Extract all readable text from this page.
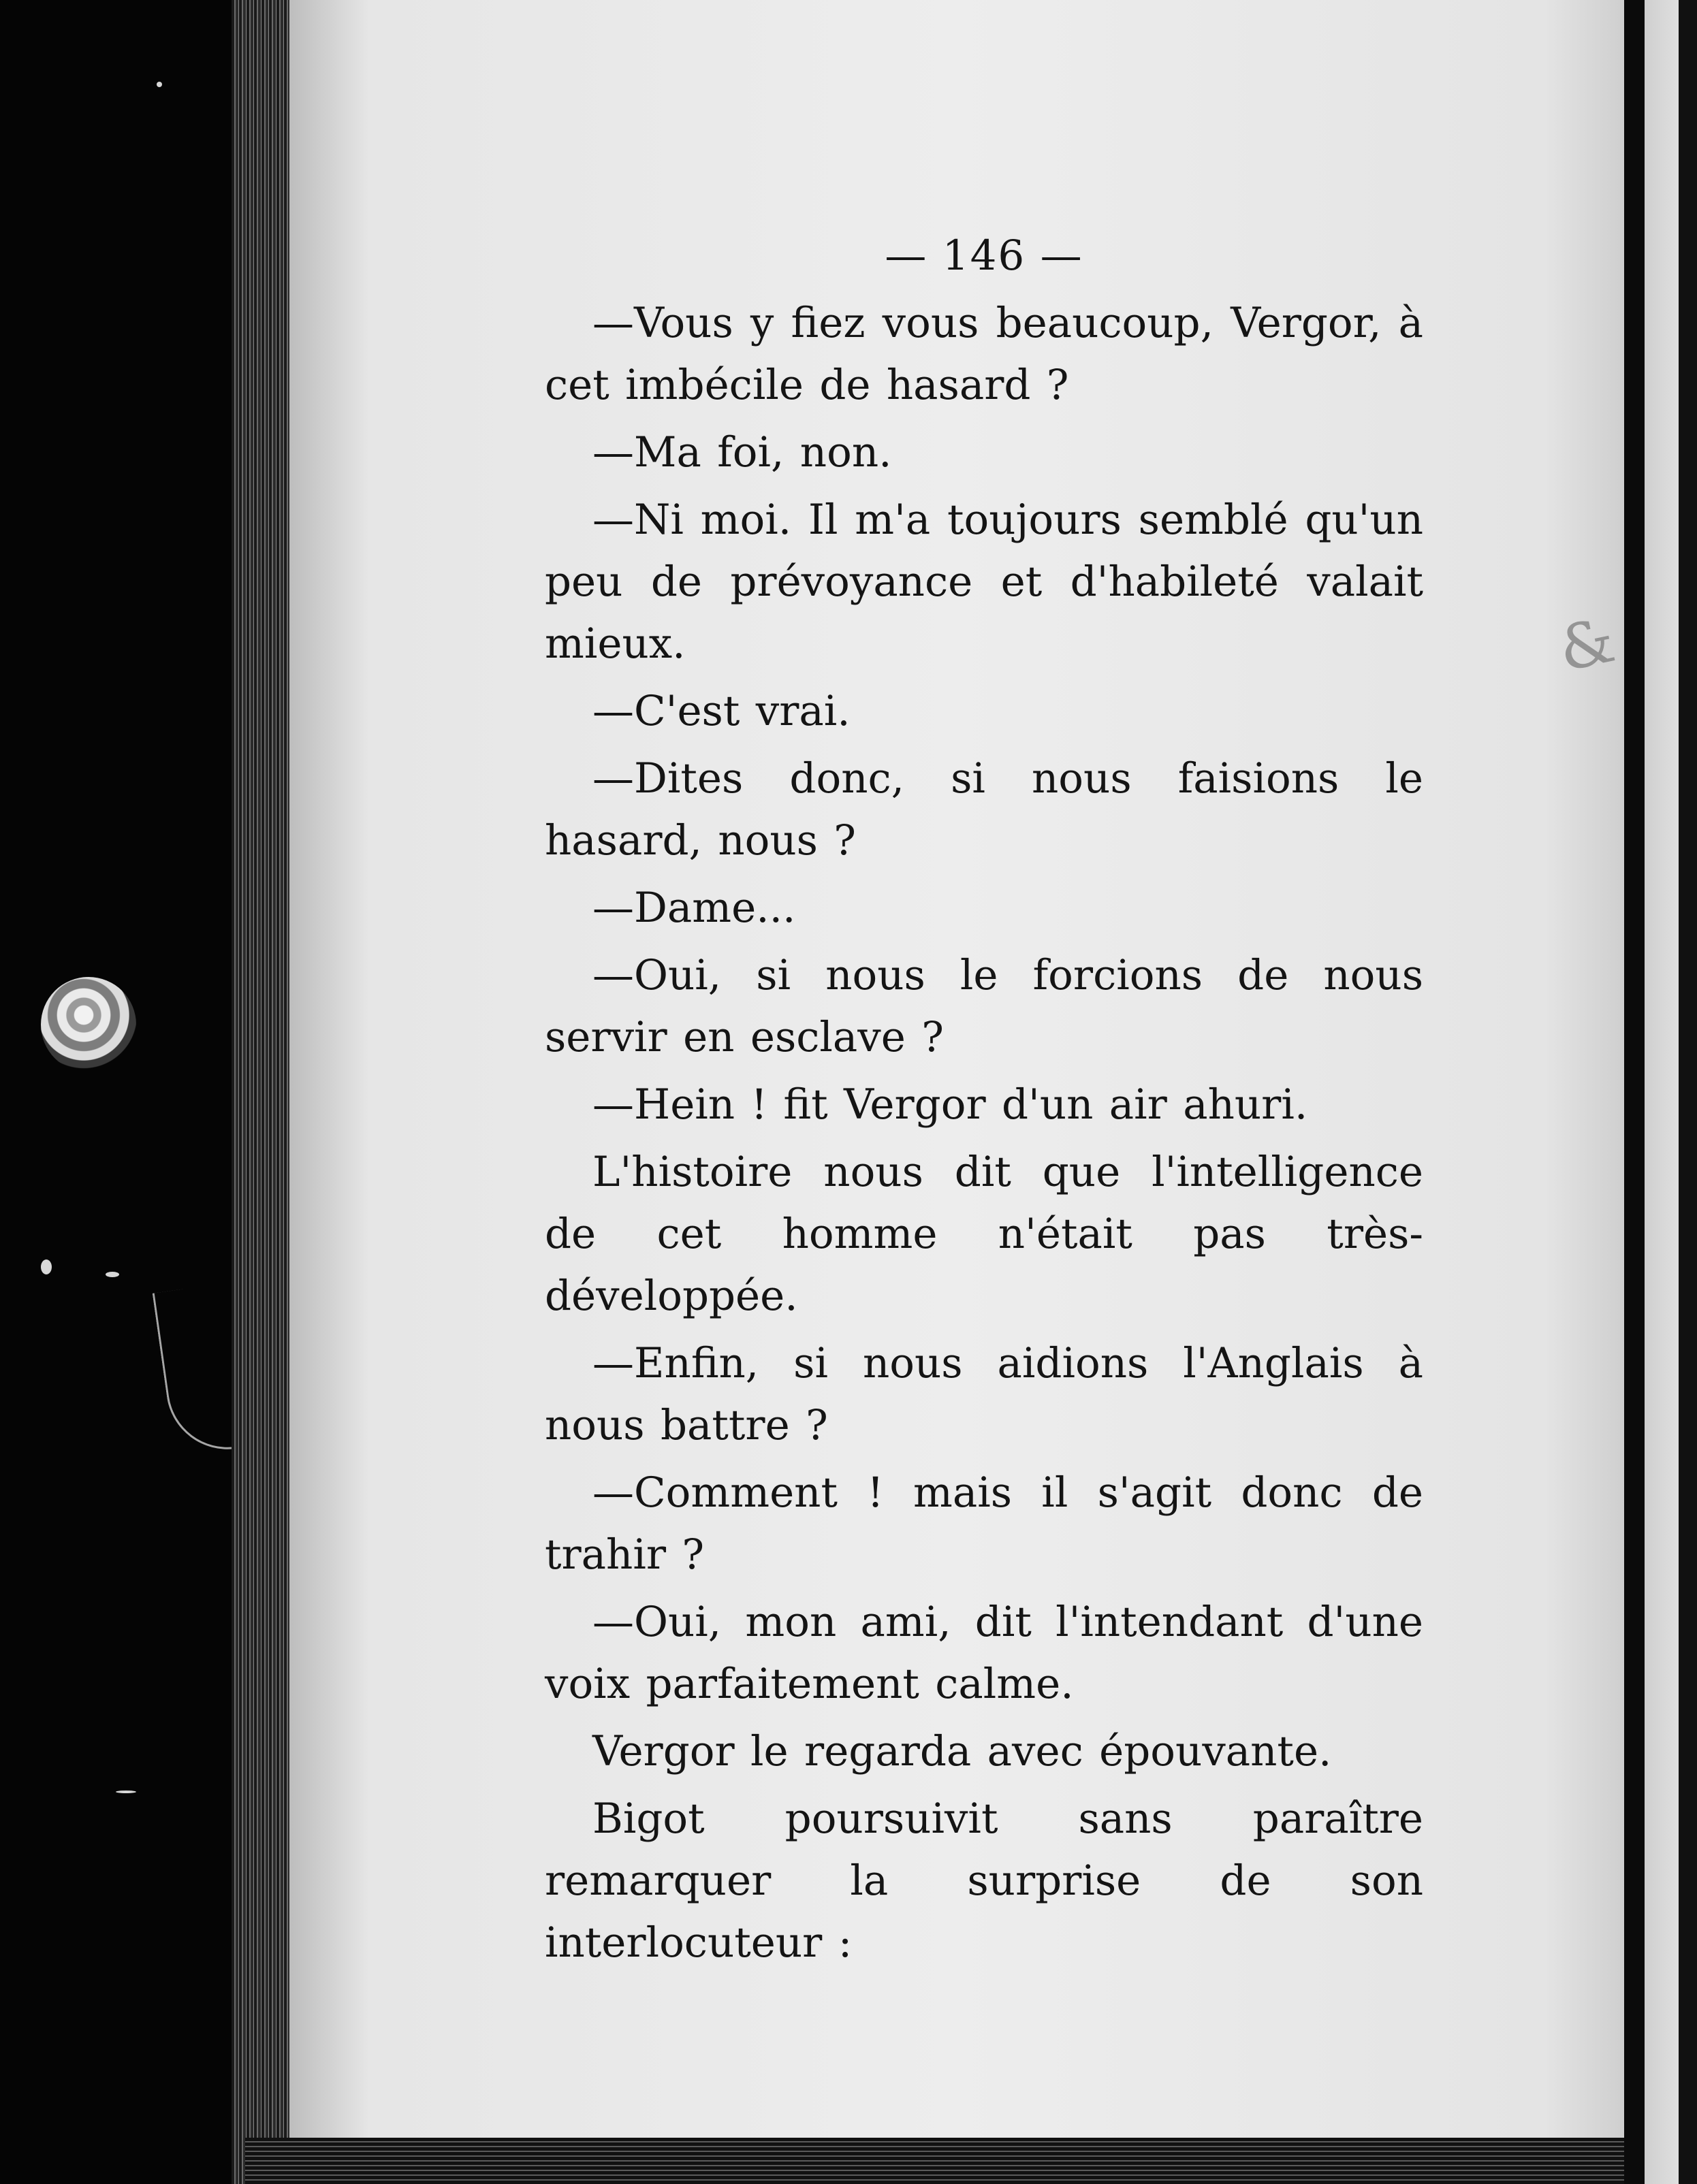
&
— 146 —

—Vous y fiez vous beaucoup, Vergor, à cet imbécile de hasard ?

—Ma foi, non.

—Ni moi. Il m'a toujours semblé qu'un peu de prévoyance et d'habileté valait mieux.

—C'est vrai.

—Dites donc, si nous faisions le hasard, nous ?

—Dame...

—Oui, si nous le forcions de nous servir en esclave ?

—Hein ! fit Vergor d'un air ahuri.

L'histoire nous dit que l'intelligence de cet homme n'était pas très-développée.

—Enfin, si nous aidions l'Anglais à nous battre ?

—Comment ! mais il s'agit donc de trahir ?

—Oui, mon ami, dit l'intendant d'une voix parfaitement calme.

Vergor le regarda avec épouvante.

Bigot poursuivit sans paraître remarquer la surprise de son interlocuteur :
